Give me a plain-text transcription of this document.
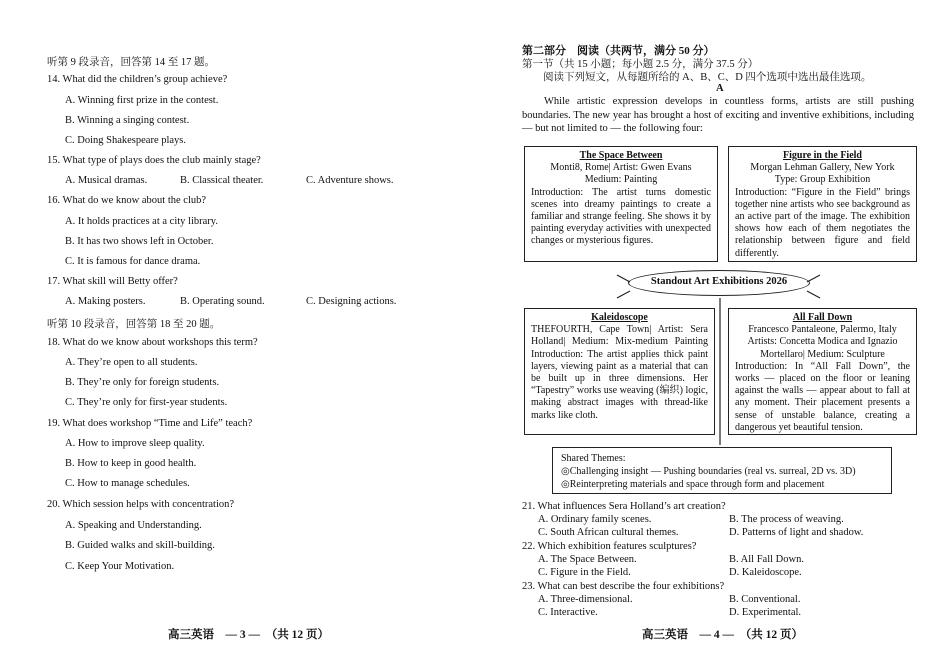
听第 9 段录音，回答第 14 至 17 题。
14. What did the children’s group achieve?
A. Winning first prize in the contest.
B. Winning a singing contest.
C. Doing Shakespeare plays.
15. What type of plays does the club mainly stage?
A. Musical dramas.	B. Classical theater.	C. Adventure shows.
16. What do we know about the club?
A. It holds practices at a city library.
B. It has two shows left in October.
C. It is famous for dance drama.
17. What skill will Betty offer?
A. Making posters.	B. Operating sound.	C. Designing actions.
听第 10 段录音，回答第 18 至 20 题。
18. What do we know about workshops this term?
A. They’re open to all students.
B. They’re only for foreign students.
C. They’re only for first-year students.
19. What does workshop “Time and Life” teach?
A. How to improve sleep quality.
B. How to keep in good health.
C. How to manage schedules.
20. Which session helps with concentration?
A. Speaking and Understanding.
B. Guided walks and skill-building.
C. Keep Your Motivation.
高三英语　— 3 —　（共 12 页）
第二部分　阅读（共两节，满分 50 分）
第一节（共 15 小题；每小题 2.5 分，满分 37.5 分）
阅读下列短文，从每题所给的 A、B、C、D 四个选项中选出最佳选项。
A
While artistic expression develops in countless forms, artists are still pushing
boundaries. The new year has brought a host of exciting and inventive exhibitions, including
— but not limited to — the following four:
The Space Between
Monti8, Rome| Artist: Gwen Evans
Medium: Painting
Introduction: The artist turns domestic scenes into dreamy paintings to create a familiar and strange feeling. She shows it by painting everyday activities with unexpected changes or mysterious figures.
Figure in the Field
Morgan Lehman Gallery, New York
Type: Group Exhibition
Introduction: “Figure in the Field” brings together nine artists who see background as an active part of the image. The exhibition shows how each of them negotiates the relationship between figure and field differently.
Standout Art Exhibitions 2026
Kaleidoscope
THEFOURTH, Cape Town| Artist: Sera Holland| Medium: Mix-medium Painting Introduction: The artist applies thick paint layers, viewing paint as a material that can be built up in three dimensions. Her “Tapestry” works use weaving (编织) logic, making abstract images with thread-like marks like cloth.
All Fall Down
Francesco Pantaleone, Palermo, Italy
Artists: Concetta Modica and Ignazio
Mortellaro| Medium: Sculpture
Introduction: In “All Fall Down”, the works — placed on the floor or leaning against the walls — appear about to fall at any moment. Their placement presents a sense of unstable balance, creating a dangerous yet beautiful tension.
Shared Themes:
◎Challenging insight — Pushing boundaries (real vs. surreal, 2D vs. 3D)
◎Reinterpreting materials and space through form and placement
21. What influences Sera Holland’s art creation?
A. Ordinary family scenes.	B. The process of weaving.
C. South African cultural themes.	D. Patterns of light and shadow.
22. Which exhibition features sculptures?
A. The Space Between.	B. All Fall Down.
C. Figure in the Field.	D. Kaleidoscope.
23. What can best describe the four exhibitions?
A. Three-dimensional.	B. Conventional.
C. Interactive.	D. Experimental.
高三英语　— 4 —　（共 12 页）
